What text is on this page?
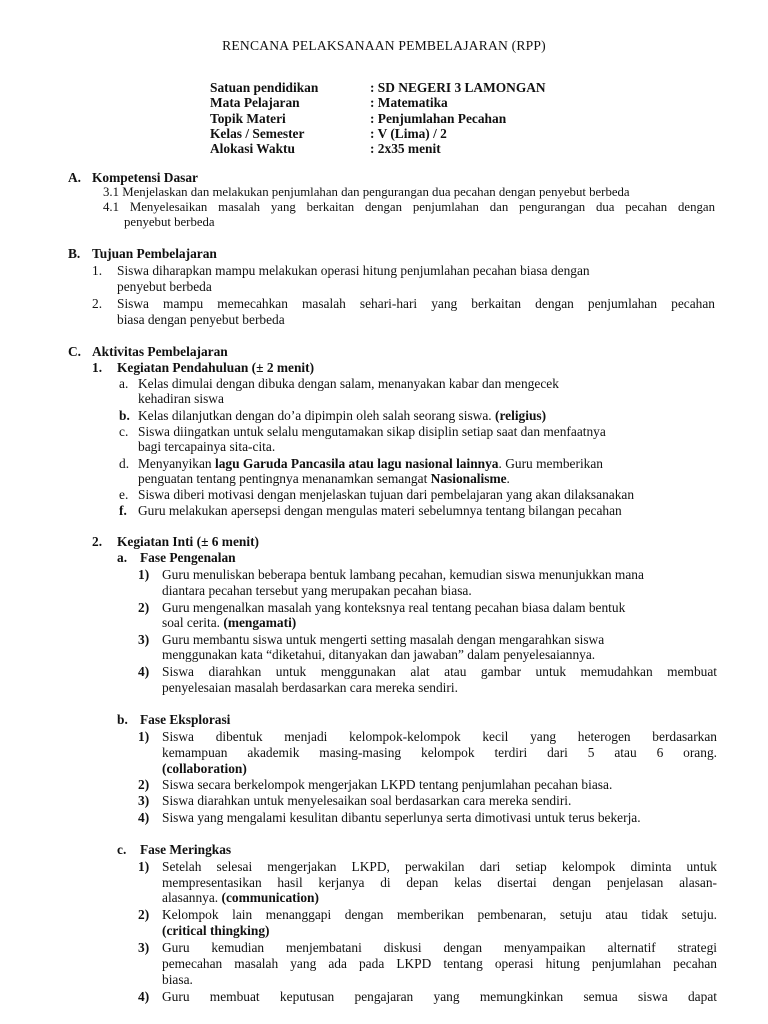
RENCANA PELAKSANAAN PEMBELAJARAN (RPP)
Satuan pendidikan	: SD NEGERI 3 LAMONGAN
Mata Pelajaran	: Matematika
Topik Materi	: Penjumlahan Pecahan
Kelas / Semester	: V (Lima) / 2
Alokasi Waktu	: 2x35 menit
A. Kompetensi Dasar
3.1 Menjelaskan dan melakukan penjumlahan dan pengurangan dua pecahan dengan penyebut berbeda
4.1 Menyelesaikan masalah yang berkaitan dengan penjumlahan dan pengurangan dua pecahan dengan
penyebut berbeda
B. Tujuan Pembelajaran
1. Siswa diharapkan mampu melakukan operasi hitung penjumlahan pecahan biasa dengan
penyebut berbeda
2. Siswa mampu memecahkan masalah sehari-hari yang berkaitan dengan penjumlahan pecahan
biasa dengan penyebut berbeda
C. Aktivitas Pembelajaran
1. Kegiatan Pendahuluan (± 2 menit)
a. Kelas dimulai dengan dibuka dengan salam, menanyakan kabar dan mengecek
kehadiran siswa
b. Kelas dilanjutkan dengan do’a dipimpin oleh salah seorang siswa. (religius)
c. Siswa diingatkan untuk selalu mengutamakan sikap disiplin setiap saat dan menfaatnya
bagi tercapainya sita-cita.
d. Menyanyikan lagu Garuda Pancasila atau lagu nasional lainnya. Guru memberikan
penguatan tentang pentingnya menanamkan semangat Nasionalisme.
e. Siswa diberi motivasi dengan menjelaskan tujuan dari pembelajaran yang akan dilaksanakan
f. Guru melakukan apersepsi dengan mengulas materi sebelumnya tentang bilangan pecahan
2. Kegiatan Inti (± 6 menit)
a. Fase Pengenalan
1) Guru menuliskan beberapa bentuk lambang pecahan, kemudian siswa menunjukkan mana
diantara pecahan tersebut yang merupakan pecahan biasa.
2) Guru mengenalkan masalah yang konteksnya real tentang pecahan biasa dalam bentuk
soal cerita. (mengamati)
3) Guru membantu siswa untuk mengerti setting masalah dengan mengarahkan siswa
menggunakan kata “diketahui, ditanyakan dan jawaban” dalam penyelesaiannya.
4) Siswa diarahkan untuk menggunakan alat atau gambar untuk memudahkan membuat
penyelesaian masalah berdasarkan cara mereka sendiri.
b. Fase Eksplorasi
1) Siswa dibentuk menjadi kelompok-kelompok kecil yang heterogen berdasarkan
kemampuan akademik masing-masing kelompok terdiri dari 5 atau 6 orang.
(collaboration)
2) Siswa secara berkelompok mengerjakan LKPD tentang penjumlahan pecahan biasa.
3) Siswa diarahkan untuk menyelesaikan soal berdasarkan cara mereka sendiri.
4) Siswa yang mengalami kesulitan dibantu seperlunya serta dimotivasi untuk terus bekerja.
c. Fase Meringkas
1) Setelah selesai mengerjakan LKPD, perwakilan dari setiap kelompok diminta untuk
mempresentasikan hasil kerjanya di depan kelas disertai dengan penjelasan alasan-
alasannya. (communication)
2) Kelompok lain menanggapi dengan memberikan pembenaran, setuju atau tidak setuju.
(critical thingking)
3) Guru kemudian menjembatani diskusi dengan menyampaikan alternatif strategi
pemecahan masalah yang ada pada LKPD tentang operasi hitung penjumlahan pecahan
biasa.
4) Guru membuat keputusan pengajaran yang memungkinkan semua siswa dapat
